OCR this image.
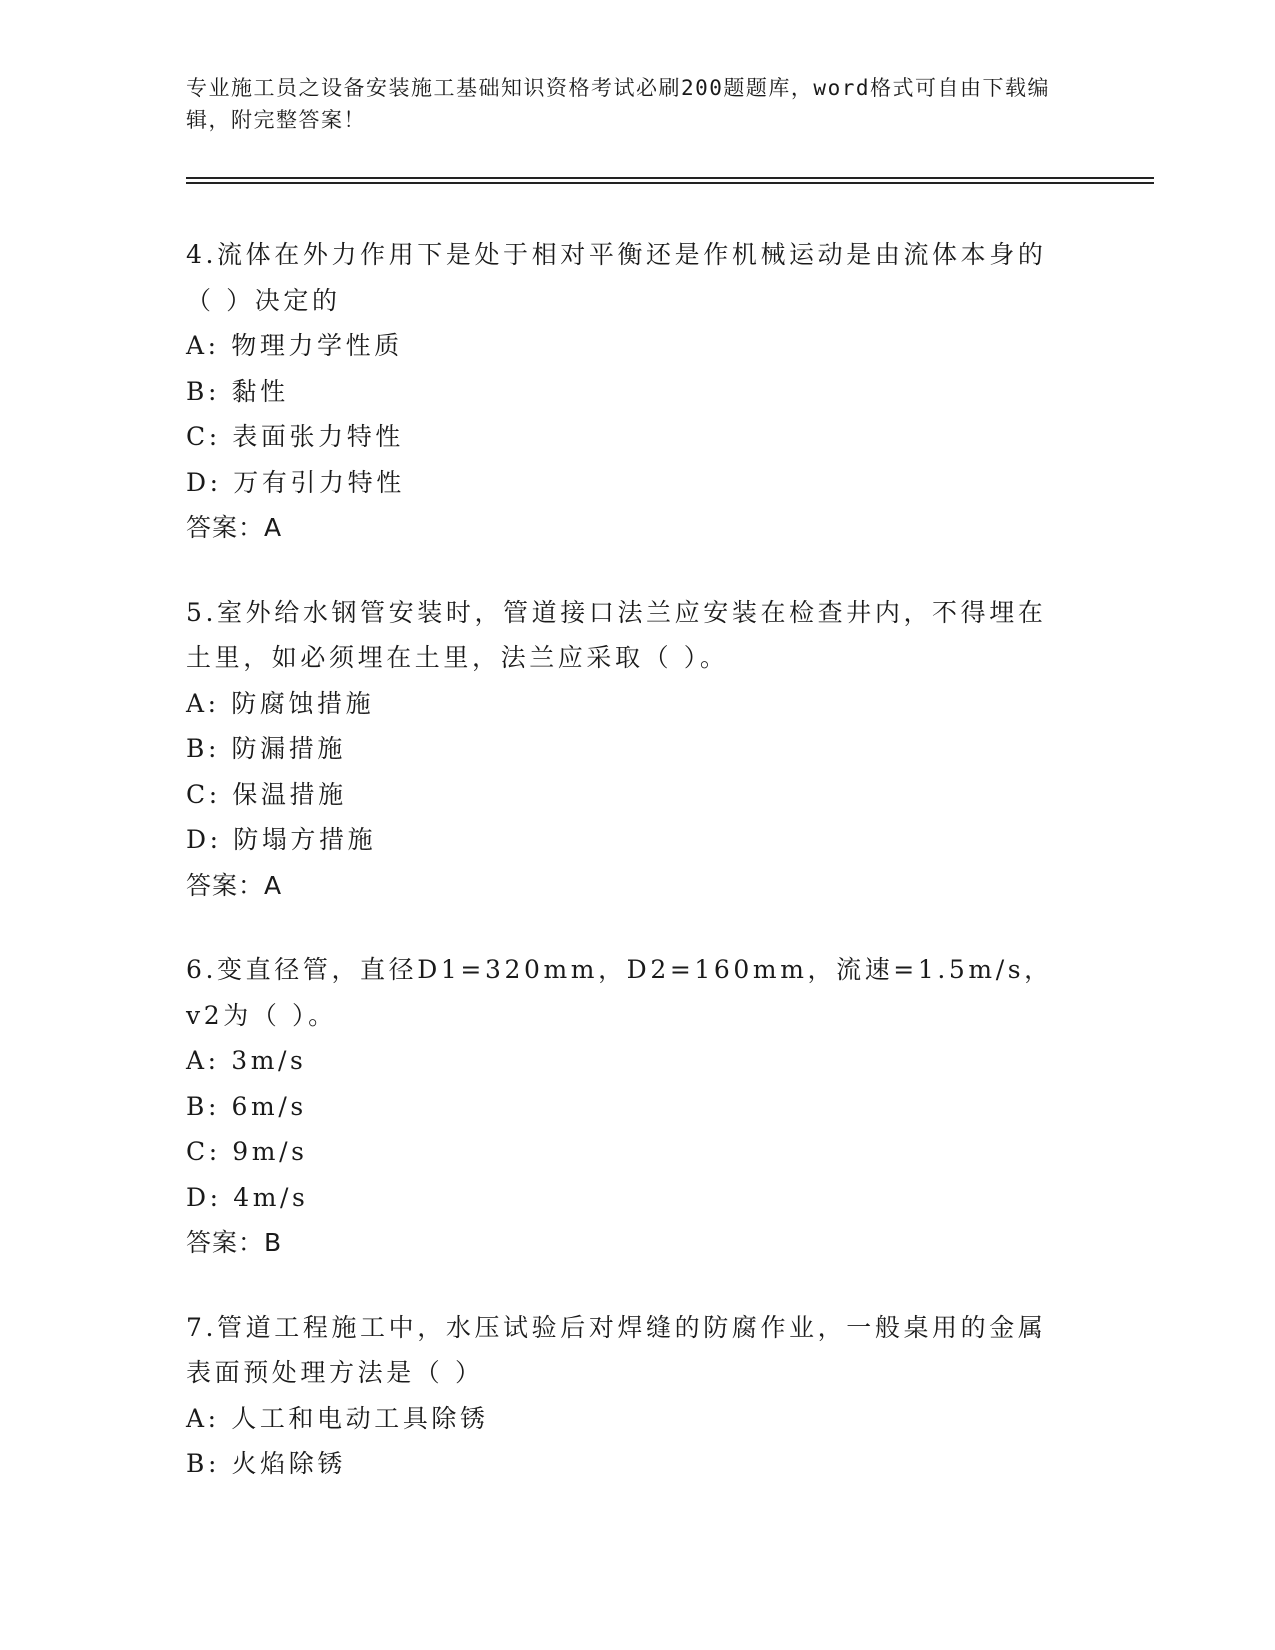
专业施工员之设备安装施工基础知识资格考试必刷200题题库，word格式可自由下载编辑，附完整答案！

4.流体在外力作用下是处于相对平衡还是作机械运动是由流体本身的（ ）决定的

A: 物理力学性质
B: 黏性
C: 表面张力特性
D: 万有引力特性

答案：A

5.室外给水钢管安装时，管道接口法兰应安装在检查井内，不得埋在土里，如必须埋在土里，法兰应采取（ ）。

A: 防腐蚀措施
B: 防漏措施
C: 保温措施
D: 防塌方措施

答案：A

6.变直径管，直径D1=320mm，D2=160mm，流速=1.5m/s，v2为（ ）。

A: 3m/s
B: 6m/s
C: 9m/s
D: 4m/s

答案：B

7.管道工程施工中，水压试验后对焊缝的防腐作业，一般桌用的金属表面预处理方法是（ ）

A: 人工和电动工具除锈
B: 火焰除锈
